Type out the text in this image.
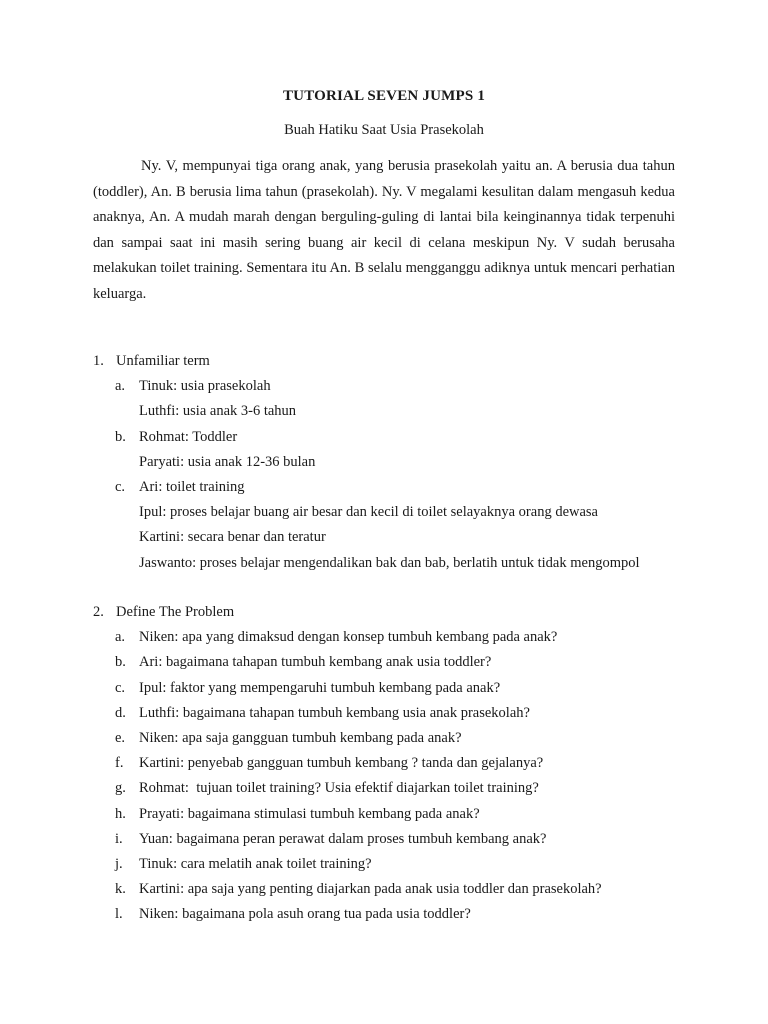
TUTORIAL SEVEN JUMPS 1
Buah Hatiku Saat Usia Prasekolah

Ny. V, mempunyai tiga orang anak, yang berusia prasekolah yaitu an. A berusia dua tahun (toddler), An. B berusia lima tahun (prasekolah). Ny. V megalami kesulitan dalam mengasuh kedua anaknya, An. A mudah marah dengan berguling-guling di lantai bila keinginannya tidak terpenuhi dan sampai saat ini masih sering buang air kecil di celana meskipun Ny. V sudah berusaha melakukan toilet training. Sementara itu An. B selalu mengganggu adiknya untuk mencari perhatian keluarga.

1. Unfamiliar term
a. Tinuk: usia prasekolah
Luthfi: usia anak 3-6 tahun
b. Rohmat: Toddler
Paryati: usia anak 12-36 bulan
c. Ari: toilet training
Ipul: proses belajar buang air besar dan kecil di toilet selayaknya orang dewasa
Kartini: secara benar dan teratur
Jaswanto: proses belajar mengendalikan bak dan bab, berlatih untuk tidak mengompol
2. Define The Problem
a. Niken: apa yang dimaksud dengan konsep tumbuh kembang pada anak?
b. Ari: bagaimana tahapan tumbuh kembang anak usia toddler?
c. Ipul: faktor yang mempengaruhi tumbuh kembang pada anak?
d. Luthfi: bagaimana tahapan tumbuh kembang usia anak prasekolah?
e. Niken: apa saja gangguan tumbuh kembang pada anak?
f. Kartini: penyebab gangguan tumbuh kembang ? tanda dan gejalanya?
g. Rohmat:  tujuan toilet training? Usia efektif diajarkan toilet training?
h. Prayati: bagaimana stimulasi tumbuh kembang pada anak?
i. Yuan: bagaimana peran perawat dalam proses tumbuh kembang anak?
j. Tinuk: cara melatih anak toilet training?
k. Kartini: apa saja yang penting diajarkan pada anak usia toddler dan prasekolah?
l. Niken: bagaimana pola asuh orang tua pada usia toddler?
